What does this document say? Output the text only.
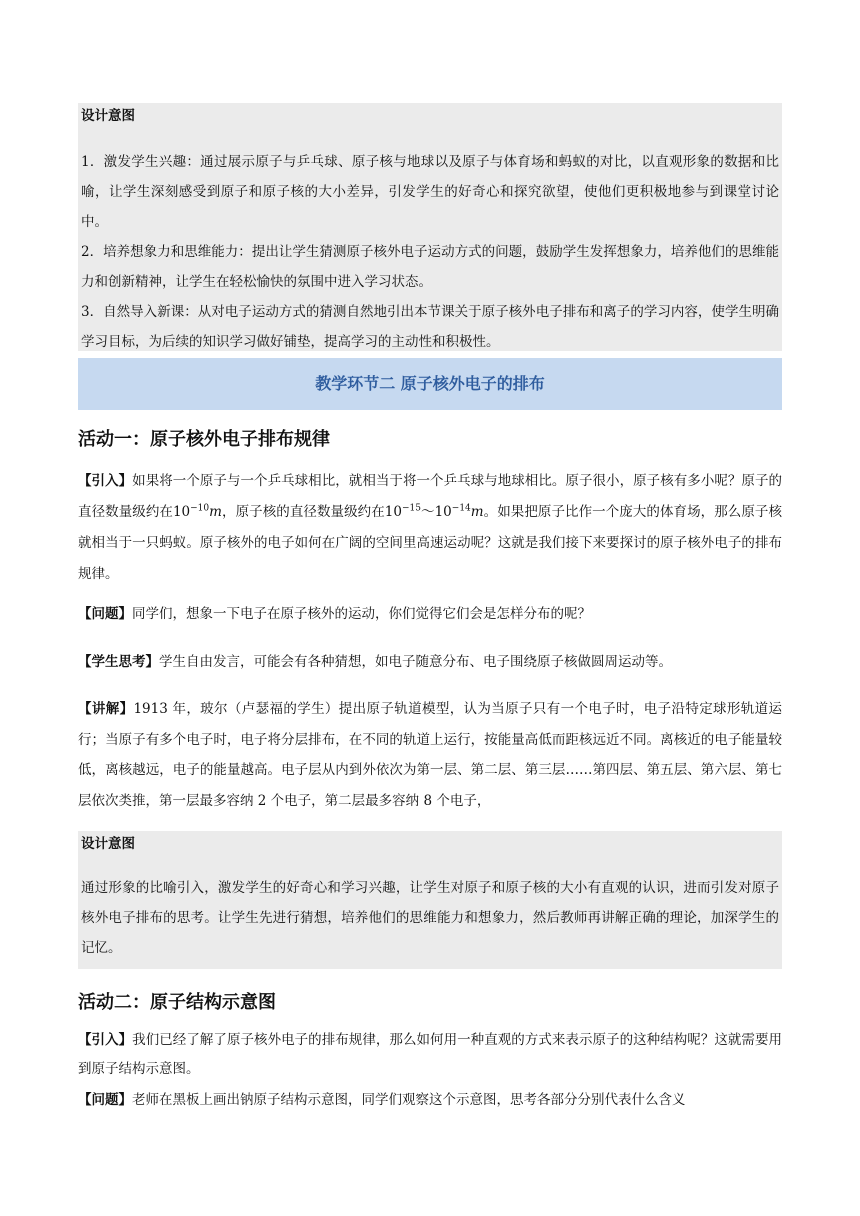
设计意图
1．激发学生兴趣：通过展示原子与乒乓球、原子核与地球以及原子与体育场和蚂蚁的对比，以直观形象的数据和比喻，让学生深刻感受到原子和原子核的大小差异，引发学生的好奇心和探究欲望，使他们更积极地参与到课堂讨论中。
2．培养想象力和思维能力：提出让学生猜测原子核外电子运动方式的问题，鼓励学生发挥想象力，培养他们的思维能力和创新精神，让学生在轻松愉快的氛围中进入学习状态。
3．自然导入新课：从对电子运动方式的猜测自然地引出本节课关于原子核外电子排布和离子的学习内容，使学生明确学习目标，为后续的知识学习做好铺垫，提高学习的主动性和积极性。
教学环节二 原子核外电子的排布
活动一：原子核外电子排布规律
【引入】如果将一个原子与一个乒乓球相比，就相当于将一个乒乓球与地球相比。原子很小，原子核有多小呢？原子的直径数量级约在$10^{-10}m$，原子核的直径数量级约在$10^{-15}\sim 10^{-14}m$。如果把原子比作一个庞大的体育场，那么原子核就相当于一只蚂蚁。原子核外的电子如何在广阔的空间里高速运动呢？这就是我们接下来要探讨的原子核外电子的排布规律。
【问题】同学们，想象一下电子在原子核外的运动，你们觉得它们会是怎样分布的呢？
【学生思考】学生自由发言，可能会有各种猜想，如电子随意分布、电子围绕原子核做圆周运动等。
【讲解】1913 年，玻尔（卢瑟福的学生）提出原子轨道模型，认为当原子只有一个电子时，电子沿特定球形轨道运行；当原子有多个电子时，电子将分层排布，在不同的轨道上运行，按能量高低而距核远近不同。离核近的电子能量较低，离核越远，电子的能量越高。电子层从内到外依次为第一层、第二层、第三层……第四层、第五层、第六层、第七层依次类推，第一层最多容纳 2 个电子，第二层最多容纳 8 个电子，
设计意图
通过形象的比喻引入，激发学生的好奇心和学习兴趣，让学生对原子和原子核的大小有直观的认识，进而引发对原子核外电子排布的思考。让学生先进行猜想，培养他们的思维能力和想象力，然后教师再讲解正确的理论，加深学生的记忆。
活动二：原子结构示意图
【引入】我们已经了解了原子核外电子的排布规律，那么如何用一种直观的方式来表示原子的这种结构呢？这就需要用到原子结构示意图。
【问题】老师在黑板上画出钠原子结构示意图，同学们观察这个示意图，思考各部分分别代表什么含义
